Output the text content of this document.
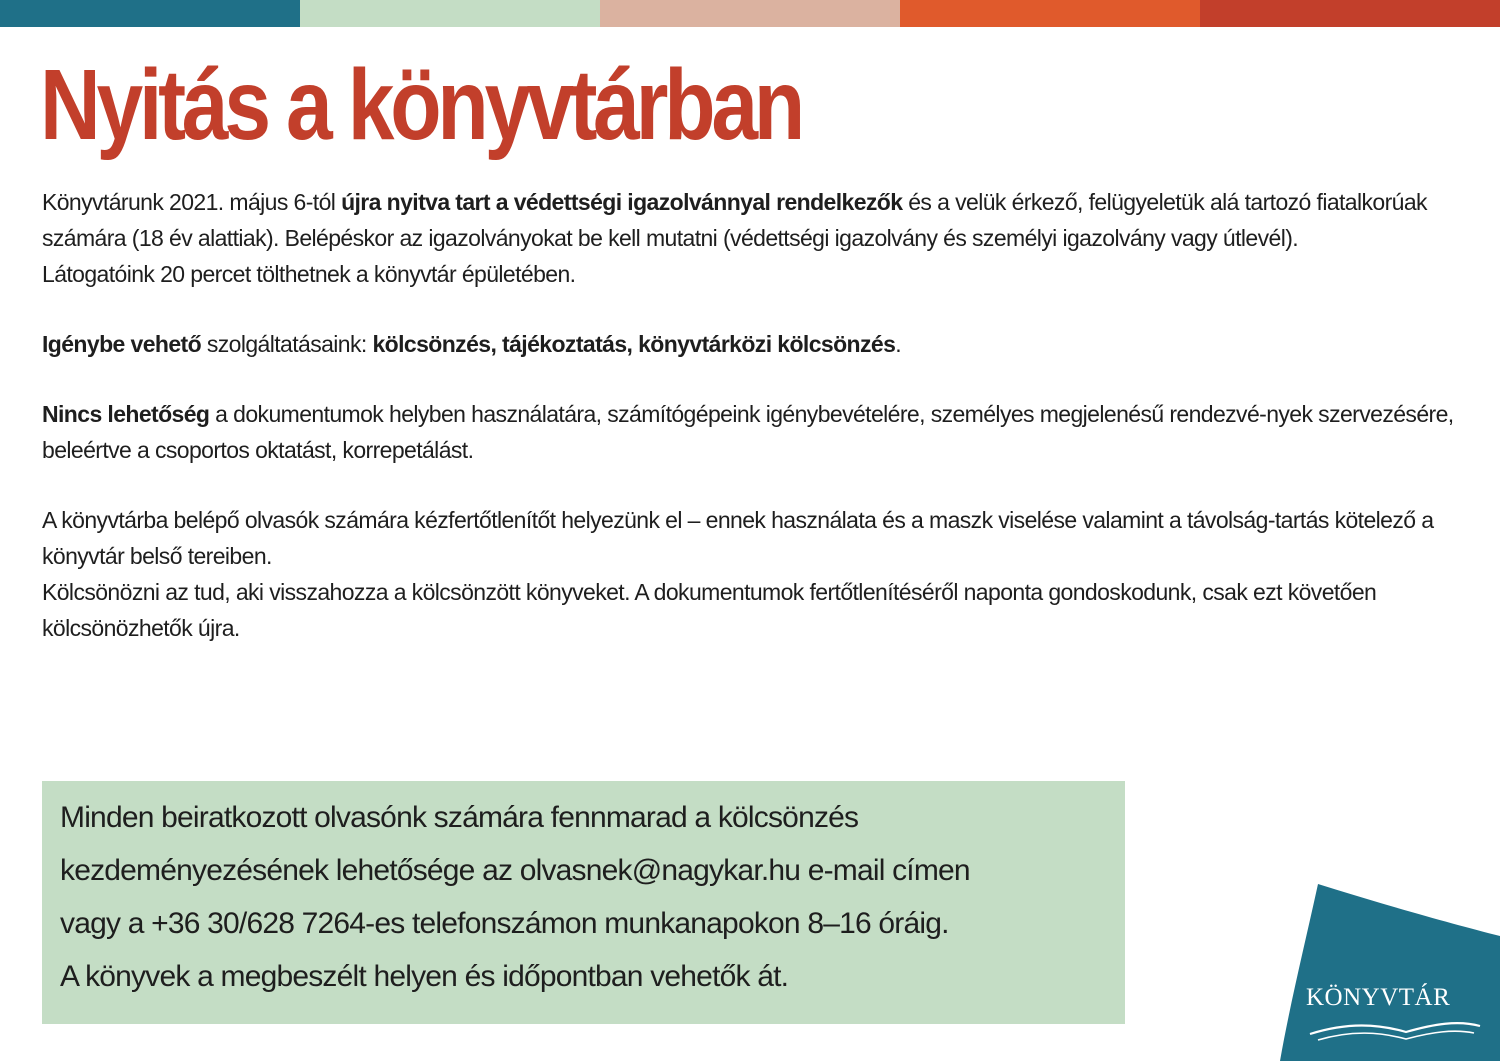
Nyitás a könyvtárban

Könyvtárunk 2021. május 6-tól újra nyitva tart a védettségi igazolvánnyal rendelkezők és a velük érkező, felügyeletük alá tartozó fiatalkorúak számára (18 év alattiak). Belépéskor az igazolványokat be kell mutatni (védettségi igazolvány és személyi igazolvány vagy útlevél).

Látogatóink 20 percet tölthetnek a könyvtár épületében.

Igénybe vehető szolgáltatásaink: kölcsönzés, tájékoztatás, könyvtárközi kölcsönzés.

Nincs lehetőség a dokumentumok helyben használatára, számítógépeink igénybevételére, személyes megjelenésű rendezvé-nyek szervezésére, beleértve a csoportos oktatást, korrepetálást.

A könyvtárba belépő olvasók számára kézfertőtlenítőt helyezünk el – ennek használata és a maszk viselése valamint a távolság-tartás kötelező a könyvtár belső tereiben.

Kölcsönözni az tud, aki visszahozza a kölcsönzött könyveket. A dokumentumok fertőtlenítéséről naponta gondoskodunk, csak ezt követően kölcsönözhetők újra.

Minden beiratkozott olvasónk számára fennmarad a kölcsönzés

kezdeményezésének lehetősége az olvasnek@nagykar.hu e-mail címen

vagy a +36 30/628 7264-es telefonszámon munkanapokon 8–16 óráig.

A könyvek a megbeszélt helyen és időpontban vehetők át.

KÖNYVTÁR
